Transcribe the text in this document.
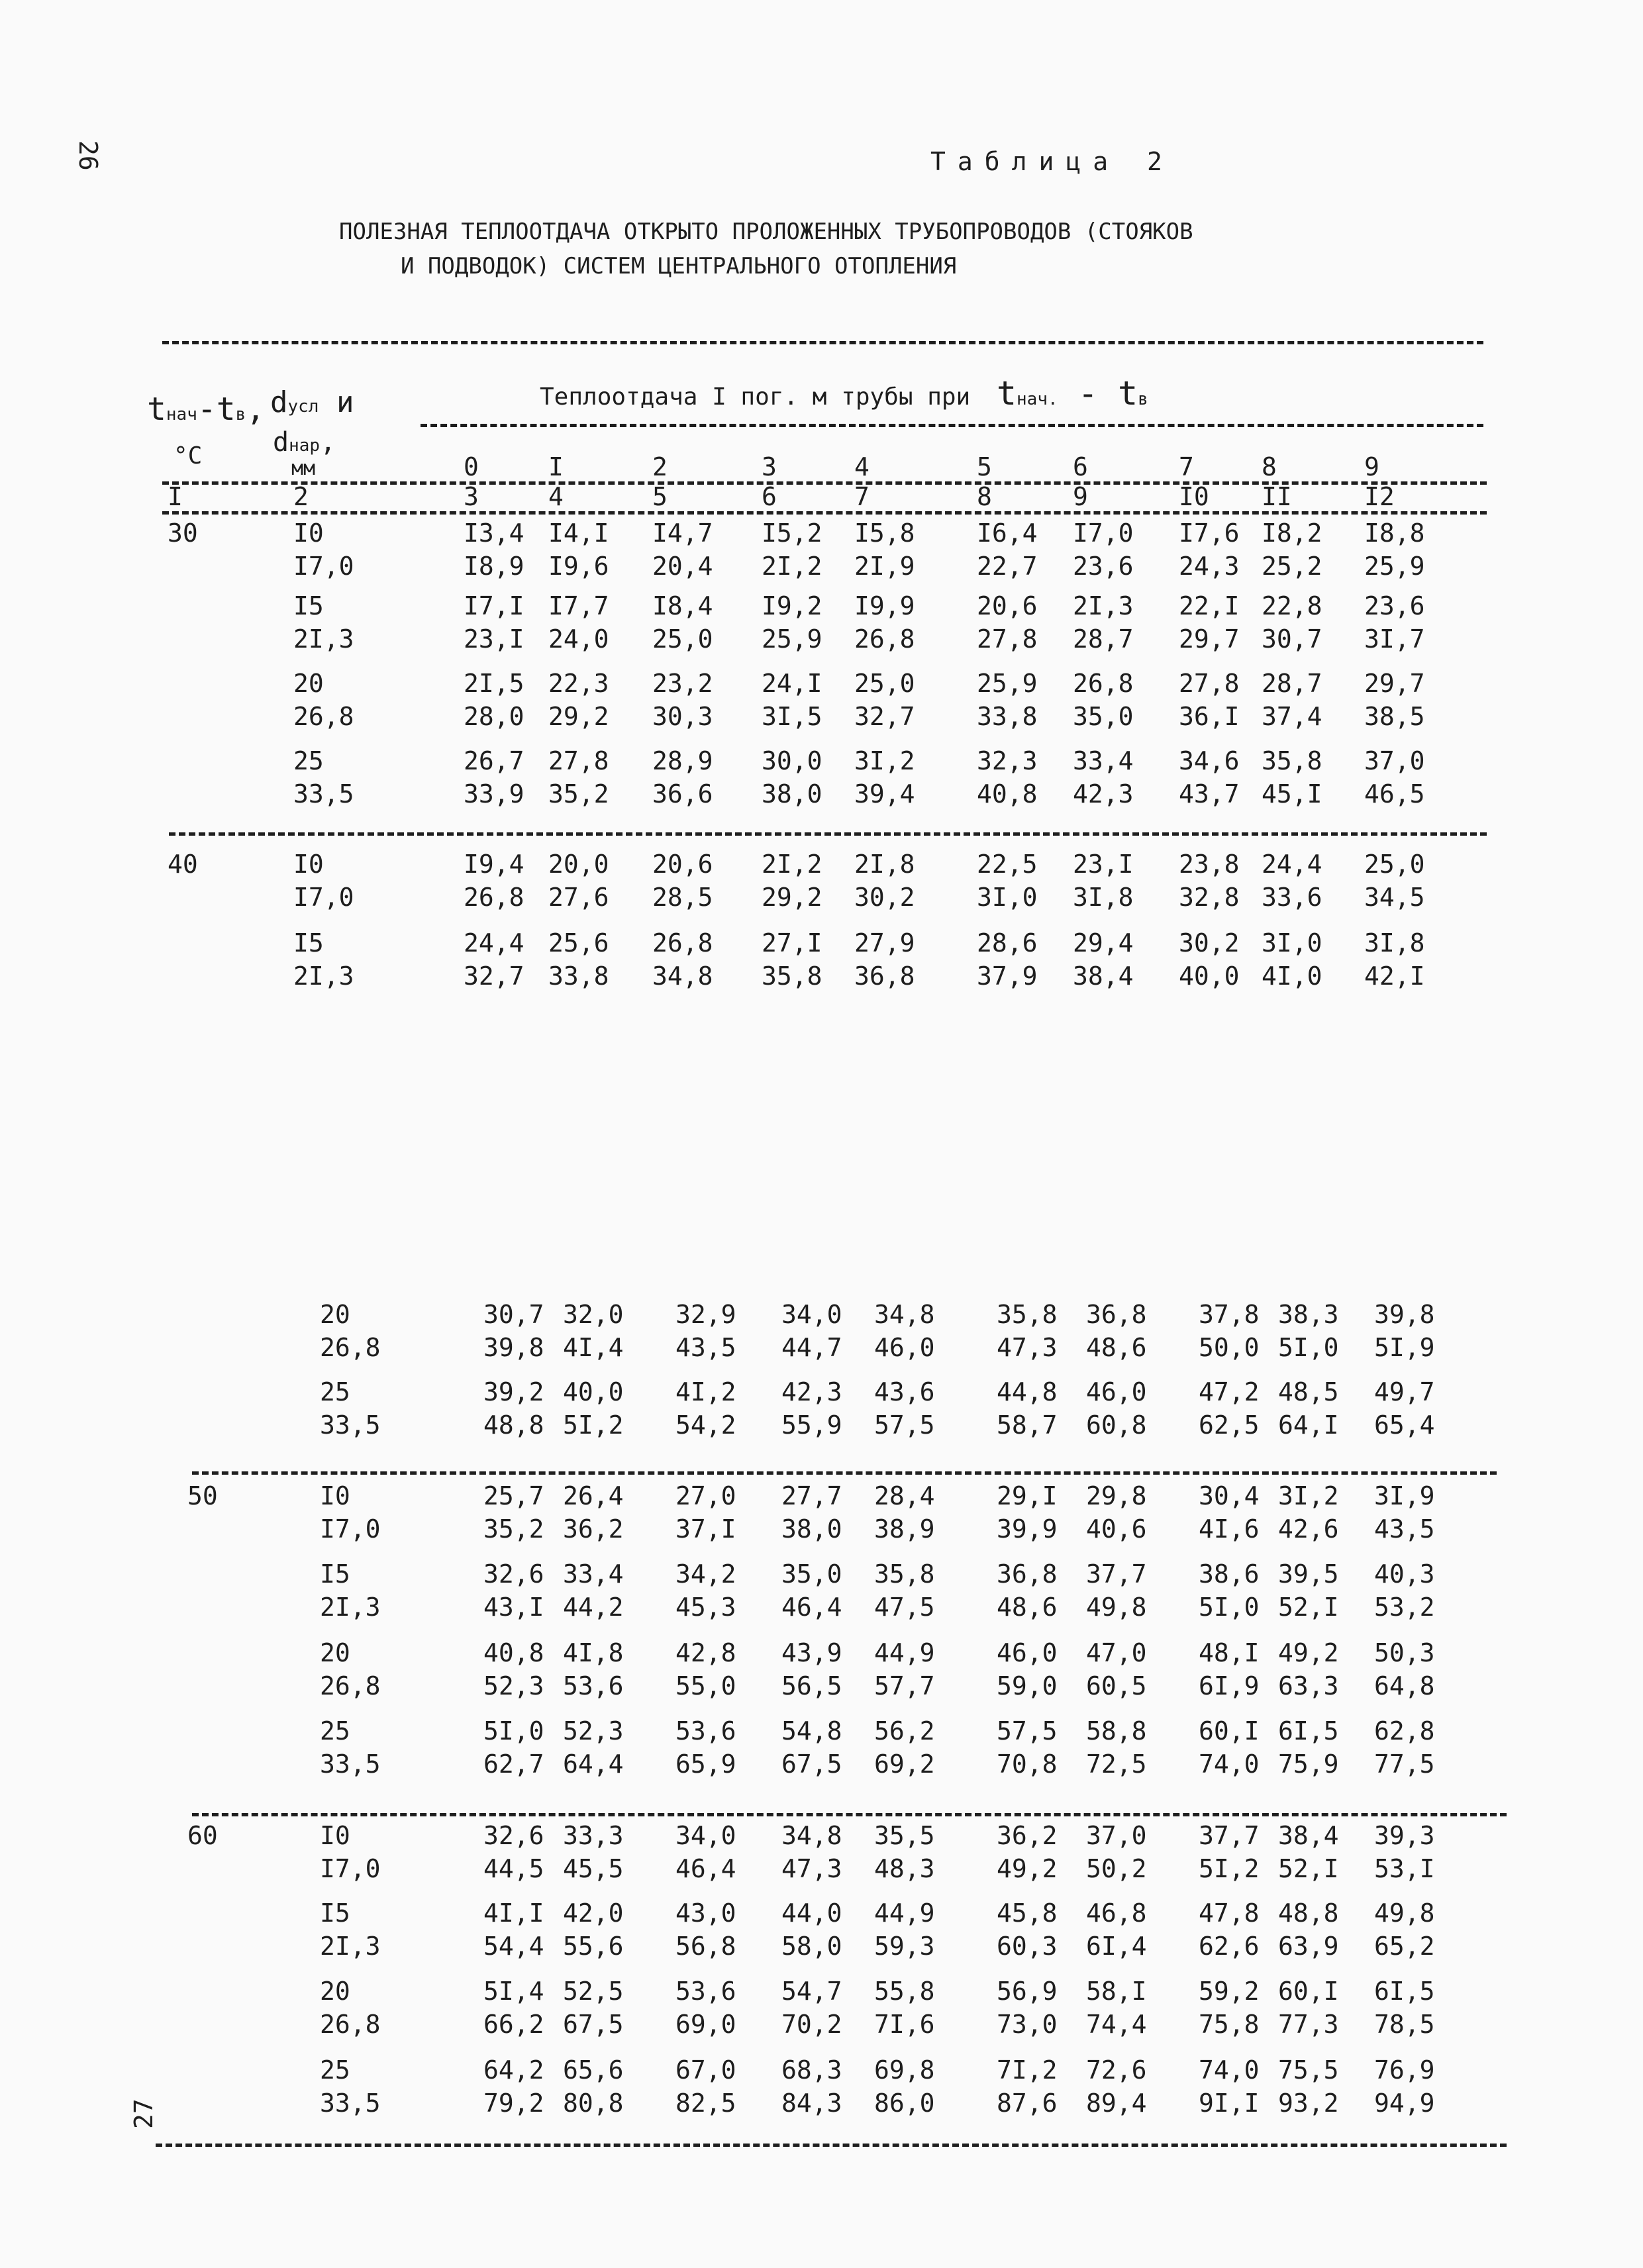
26	Таблица 2
ПОЛЕЗНАЯ ТЕПЛООТДАЧА ОТКРЫТО ПРОЛОЖЕННЫХ ТРУБОПРОВОДОВ (СТОЯКОВ
И ПОДВОДОК) СИСТЕМ ЦЕНТРАЛЬНОГО ОТОПЛЕНИЯ
tнач-tв,
°C
dусл и
dнар,
мм
Теплоотдача I пог. м трубы при tнач. - tв
0	I	2	3	4	5	6	7	8	9
I	2	3	4	5	6	7	8	9	I0 II	I2
30	I0	I3,4 I4,I I4,7 I5,2 I5,8 I6,4 I7,0 I7,6 I8,2 I8,8
I7,0	I8,9 I9,6 20,4 2I,2 2I,9 22,7 23,6 24,3 25,2 25,9
I5	I7,I I7,7 I8,4 I9,2 I9,9 20,6 2I,3 22,I 22,8 23,6
2I,3	23,I 24,0 25,0 25,9 26,8 27,8 28,7 29,7 30,7 3I,7
20	2I,5 22,3 23,2 24,I 25,0 25,9 26,8 27,8 28,7 29,7
26,8	28,0 29,2 30,3 3I,5 32,7 33,8 35,0 36,I 37,4 38,5
25	26,7 27,8 28,9 30,0 3I,2 32,3 33,4 34,6 35,8 37,0
33,5	33,9 35,2 36,6 38,0 39,4 40,8 42,3 43,7 45,I 46,5
40	I0	I9,4 20,0 20,6 2I,2 2I,8 22,5 23,I 23,8 24,4 25,0
I7,0	26,8 27,6 28,5 29,2 30,2 3I,0 3I,8 32,8 33,6 34,5
I5	24,4 25,6 26,8 27,I 27,9 28,6 29,4 30,2 3I,0 3I,8
2I,3	32,7 33,8 34,8 35,8 36,8 37,9 38,4 40,0 4I,0 42,I
20	30,7 32,0 32,9 34,0 34,8 35,8 36,8 37,8 38,3 39,8
26,8	39,8 4I,4 43,5 44,7 46,0 47,3 48,6 50,0 5I,0 5I,9
25	39,2 40,0 4I,2 42,3 43,6 44,8 46,0 47,2 48,5 49,7
33,5	48,8 5I,2 54,2 55,9 57,5 58,7 60,8 62,5 64,I 65,4
50	I0	25,7 26,4 27,0 27,7 28,4 29,I 29,8 30,4 3I,2 3I,9
I7,0	35,2 36,2 37,I 38,0 38,9 39,9 40,6 4I,6 42,6 43,5
I5	32,6 33,4 34,2 35,0 35,8 36,8 37,7 38,6 39,5 40,3
2I,3	43,I 44,2 45,3 46,4 47,5 48,6 49,8 5I,0 52,I 53,2
20	40,8 4I,8 42,8 43,9 44,9 46,0 47,0 48,I 49,2 50,3
26,8	52,3 53,6 55,0 56,5 57,7 59,0 60,5 6I,9 63,3 64,8
25	5I,0 52,3 53,6 54,8 56,2 57,5 58,8 60,I 6I,5 62,8
33,5	62,7 64,4 65,9 67,5 69,2 70,8 72,5 74,0 75,9 77,5
60	I0	32,6 33,3 34,0 34,8 35,5 36,2 37,0 37,7 38,4 39,3
I7,0	44,5 45,5 46,4 47,3 48,3 49,2 50,2 5I,2 52,I 53,I
I5	4I,I 42,0 43,0 44,0 44,9 45,8 46,8 47,8 48,8 49,8
2I,3	54,4 55,6 56,8 58,0 59,3 60,3 6I,4 62,6 63,9 65,2
20	5I,4 52,5 53,6 54,7 55,8 56,9 58,I 59,2 60,I 6I,5
26,8	66,2 67,5 69,0 70,2 7I,6 73,0 74,4 75,8 77,3 78,5
25	64,2 65,6 67,0 68,3 69,8 7I,2 72,6 74,0 75,5 76,9
33,5	79,2 80,8 82,5 84,3 86,0 87,6 89,4 9I,I 93,2 94,9
27
